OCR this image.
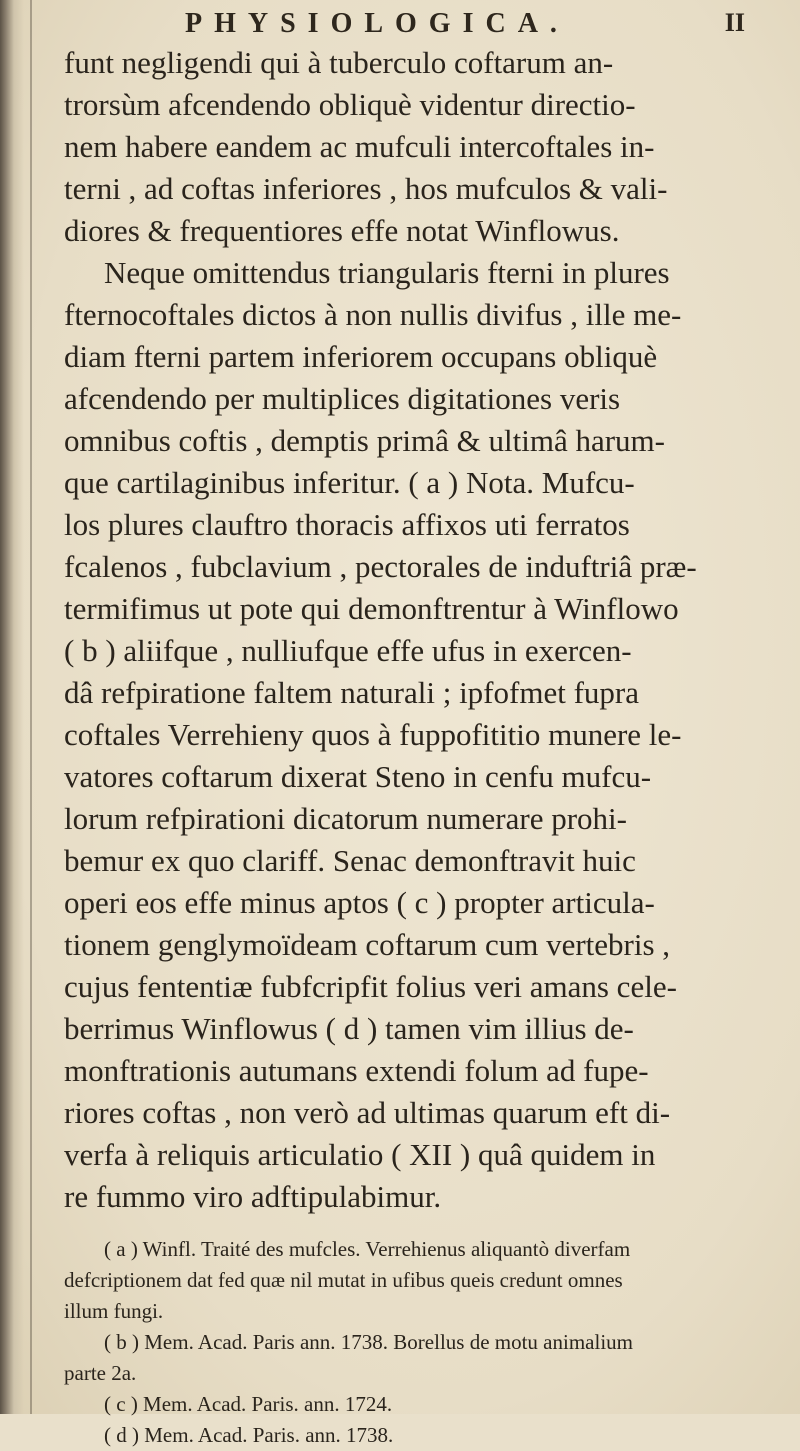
PHYSIOLOGICA.	II
funt negligendi qui à tuberculo coftarum an-
trorsùm afcendendo obliquè videntur directio-
nem habere eandem ac mufculi intercoftales in-
terni , ad coftas inferiores , hos mufculos & vali-
diores & frequentiores effe notat Winflowus.
Neque omittendus triangularis fterni in plures
fternocoftales dictos à non nullis divifus , ille me-
diam fterni partem inferiorem occupans obliquè
afcendendo per multiplices digitationes veris
omnibus coftis , demptis primâ & ultimâ harum-
que cartilaginibus inferitur. ( a ) Nota. Mufcu-
los plures clauftro thoracis affixos uti ferratos
fcalenos , fubclavium , pectorales de induftriâ præ-
termifimus ut pote qui demonftrentur à Winflowo
( b ) aliifque , nulliufque effe ufus in exercen-
dâ refpiratione faltem naturali ; ipfofmet fupra
coftales Verrehieny quos à fuppofititio munere le-
vatores coftarum dixerat Steno in cenfu mufcu-
lorum refpirationi dicatorum numerare prohi-
bemur ex quo clariff. Senac demonftravit huic
operi eos effe minus aptos ( c ) propter articula-
tionem genglymoïdeam coftarum cum vertebris ,
cujus fententiæ fubfcripfit folius veri amans cele-
berrimus Winflowus ( d ) tamen vim illius de-
monftrationis autumans extendi folum ad fupe-
riores coftas , non verò ad ultimas quarum eft di-
verfa à reliquis articulatio ( XII ) quâ quidem in
re fummo viro adftipulabimur.
( a ) Winfl. Traité des mufcles. Verrehienus aliquantò diverfam
defcriptionem dat fed quæ nil mutat in ufibus queis credunt omnes
illum fungi.
( b ) Mem. Acad. Paris ann. 1738. Borellus de motu animalium
parte 2a.
( c ) Mem. Acad. Paris. ann. 1724.
( d ) Mem. Acad. Paris. ann. 1738.
